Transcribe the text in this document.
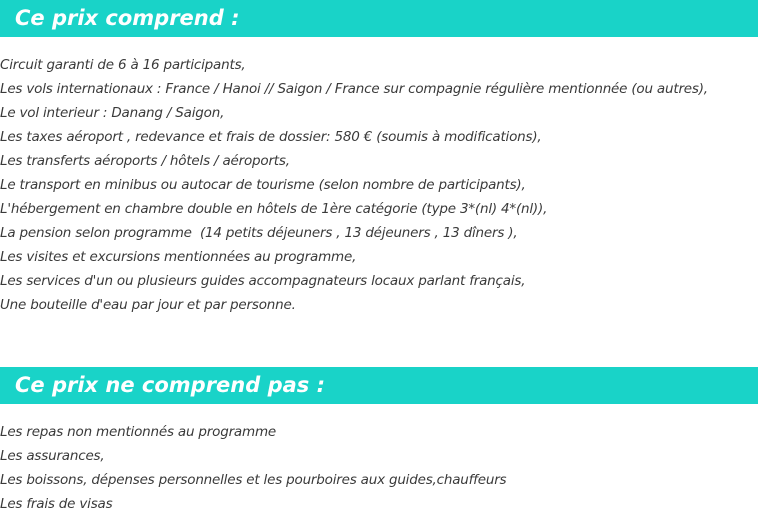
Ce prix comprend :
Circuit garanti de 6 à 16 participants,
Les vols internationaux : France / Hanoi // Saigon / France sur compagnie régulière mentionnée (ou autres),
Le vol interieur : Danang / Saigon,
Les taxes aéroport , redevance et frais de dossier: 580 € (soumis à modifications),
Les transferts aéroports / hôtels / aéroports,
Le transport en minibus ou autocar de tourisme (selon nombre de participants),
L'hébergement en chambre double en hôtels de 1ère catégorie (type 3*(nl) 4*(nl)),
La pension selon programme  (14 petits déjeuners , 13 déjeuners , 13 dîners ),
Les visites et excursions mentionnées au programme,
Les services d'un ou plusieurs guides accompagnateurs locaux parlant français,
Une bouteille d'eau par jour et par personne.
Ce prix ne comprend pas :
Les repas non mentionnés au programme
Les assurances,
Les boissons, dépenses personnelles et les pourboires aux guides,chauffeurs
Les frais de visas
